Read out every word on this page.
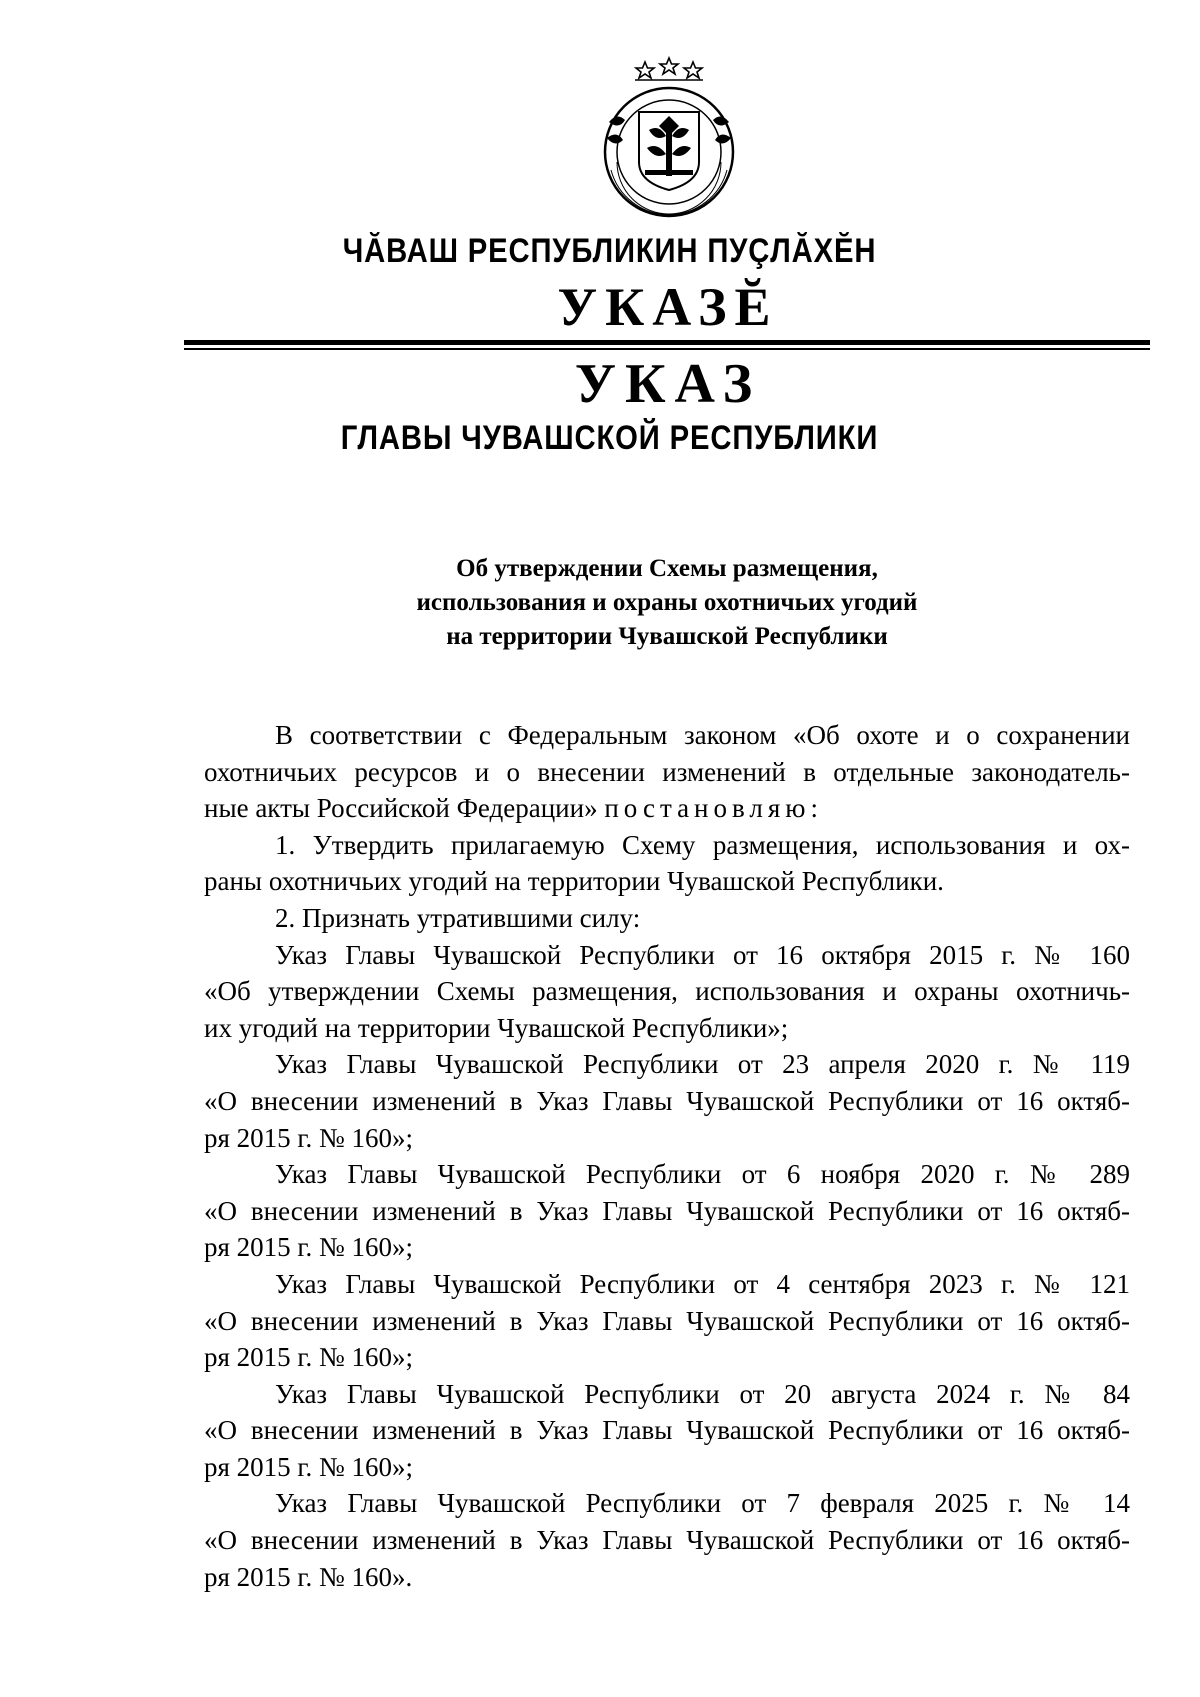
ЧĂВАШ РЕСПУБЛИКИН ПУÇЛĂХĔН
УКАЗĔ
УКАЗ
ГЛАВЫ ЧУВАШСКОЙ РЕСПУБЛИКИ
Об утверждении Схемы размещения,
использования и охраны охотничьих угодий
на территории Чувашской Республики
В соответствии с Федеральным законом «Об охоте и о сохранении
охотничьих ресурсов и о внесении изменений в отдельные законодатель-
ные акты Российской Федерации» постановляю:
1. Утвердить прилагаемую Схему размещения, использования и ох-
раны охотничьих угодий на территории Чувашской Республики.
2. Признать утратившими силу:
Указ Главы Чувашской Республики от 16 октября 2015 г. № 160
«Об утверждении Схемы размещения, использования и охраны охотничь-
их угодий на территории Чувашской Республики»;
Указ Главы Чувашской Республики от 23 апреля 2020 г. № 119
«О внесении изменений в Указ Главы Чувашской Республики от 16 октяб-
ря 2015 г. № 160»;
Указ Главы Чувашской Республики от 6 ноября 2020 г. № 289
«О внесении изменений в Указ Главы Чувашской Республики от 16 октяб-
ря 2015 г. № 160»;
Указ Главы Чувашской Республики от 4 сентября 2023 г. № 121
«О внесении изменений в Указ Главы Чувашской Республики от 16 октяб-
ря 2015 г. № 160»;
Указ Главы Чувашской Республики от 20 августа 2024 г. № 84
«О внесении изменений в Указ Главы Чувашской Республики от 16 октяб-
ря 2015 г. № 160»;
Указ Главы Чувашской Республики от 7 февраля 2025 г. № 14
«О внесении изменений в Указ Главы Чувашской Республики от 16 октяб-
ря 2015 г. № 160».
